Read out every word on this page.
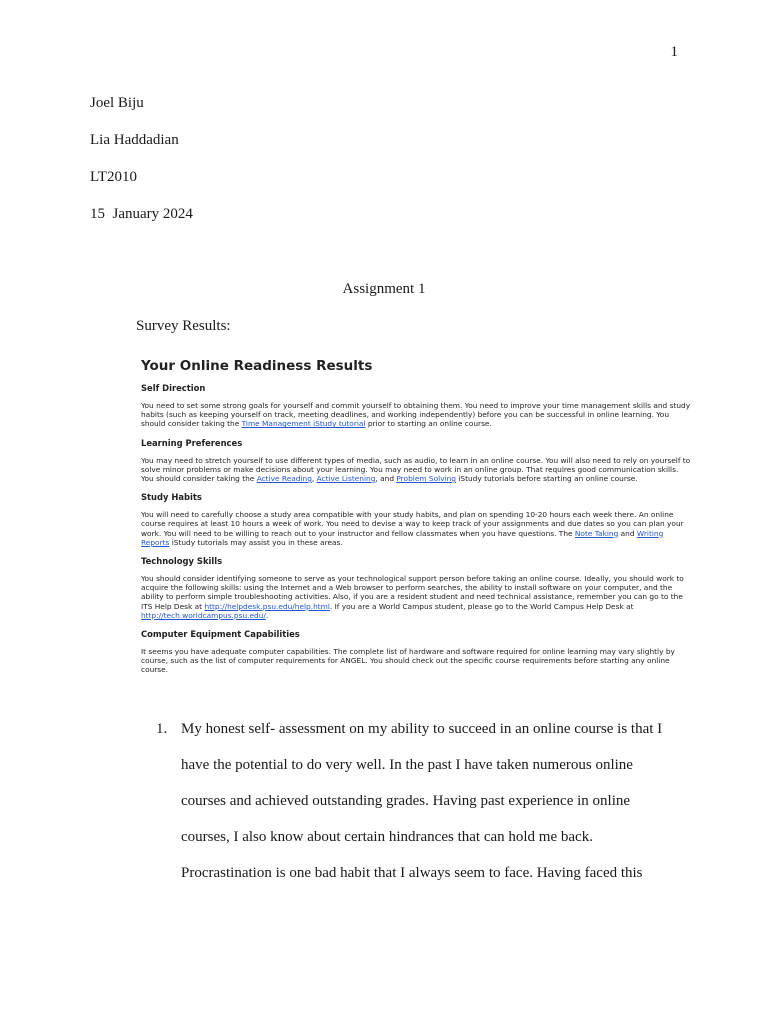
1
Joel Biju
Lia Haddadian
LT2010
15  January 2024
Assignment 1
Survey Results:
Your Online Readiness Results
Self Direction
You need to set some strong goals for yourself and commit yourself to obtaining them. You need to improve your time management skills and study habits (such as keeping yourself on track, meeting deadlines, and working independently) before you can be successful in online learning. You should consider taking the Time Management iStudy tutorial prior to starting an online course.
Learning Preferences
You may need to stretch yourself to use different types of media, such as audio, to learn in an online course. You will also need to rely on yourself to solve minor problems or make decisions about your learning. You may need to work in an online group. That requires good communication skills. You should consider taking the Active Reading, Active Listening, and Problem Solving iStudy tutorials before starting an online course.
Study Habits
You will need to carefully choose a study area compatible with your study habits, and plan on spending 10-20 hours each week there. An online course requires at least 10 hours a week of work. You need to devise a way to keep track of your assignments and due dates so you can plan your work. You will need to be willing to reach out to your instructor and fellow classmates when you have questions. The Note Taking and Writing Reports iStudy tutorials may assist you in these areas.
Technology Skills
You should consider identifying someone to serve as your technological support person before taking an online course. Ideally, you should work to acquire the following skills: using the Internet and a Web browser to perform searches, the ability to install software on your computer, and the ability to perform simple troubleshooting activities. Also, if you are a resident student and need technical assistance, remember you can go to the ITS Help Desk at http://helpdesk.psu.edu/help.html. If you are a World Campus student, please go to the World Campus Help Desk at http://tech.worldcampus.psu.edu/.
Computer Equipment Capabilities
It seems you have adequate computer capabilities. The complete list of hardware and software required for online learning may vary slightly by course, such as the list of computer requirements for ANGEL. You should check out the specific course requirements before starting any online course.
1. My honest self- assessment on my ability to succeed in an online course is that I have the potential to do very well. In the past I have taken numerous online courses and achieved outstanding grades. Having past experience in online courses, I also know about certain hindrances that can hold me back. Procrastination is one bad habit that I always seem to face. Having faced this
